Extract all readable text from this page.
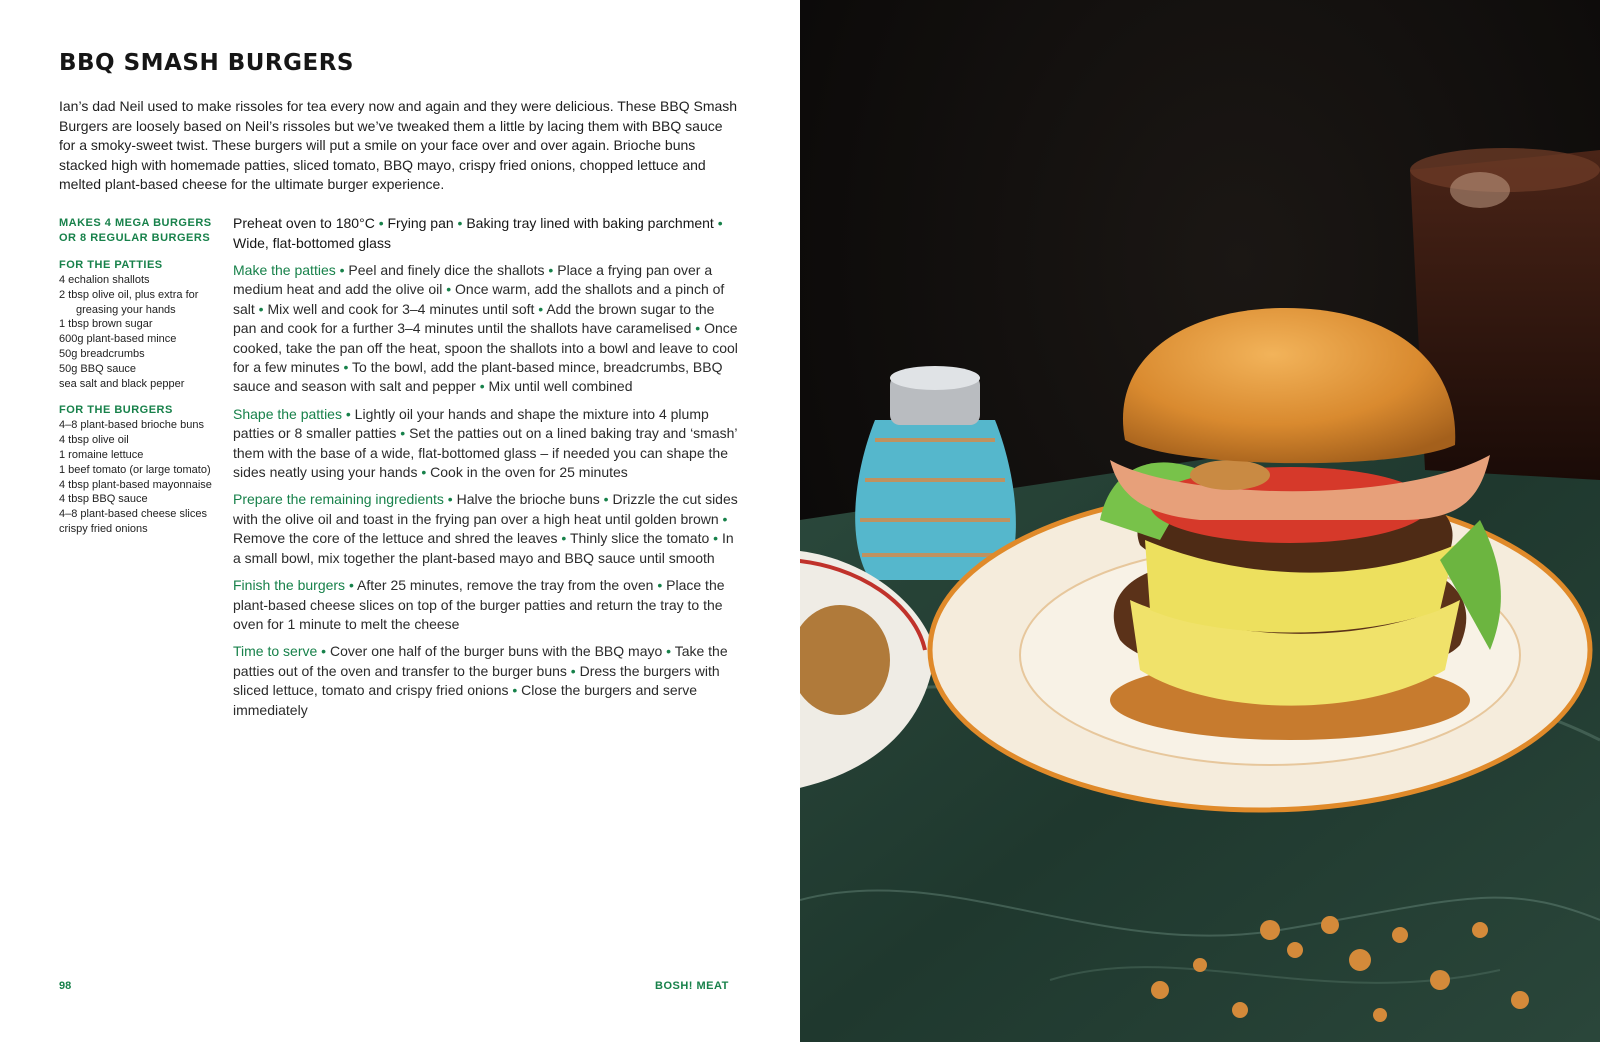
BBQ SMASH BURGERS

Ian’s dad Neil used to make rissoles for tea every now and again and they were delicious. These BBQ Smash Burgers are loosely based on Neil’s rissoles but we’ve tweaked them a little by lacing them with BBQ sauce for a smoky-sweet twist. These burgers will put a smile on your face over and over again. Brioche buns stacked high with homemade patties, sliced tomato, BBQ mayo, crispy fried onions, chopped lettuce and melted plant-based cheese for the ultimate burger experience.

MAKES 4 MEGA BURGERS OR 8 REGULAR BURGERS
FOR THE PATTIES
4 echalion shallots
2 tbsp olive oil, plus extra for greasing your hands
1 tbsp brown sugar
600g plant-based mince
50g breadcrumbs
50g BBQ sauce
sea salt and black pepper
FOR THE BURGERS
4–8 plant-based brioche buns
4 tbsp olive oil
1 romaine lettuce
1 beef tomato (or large tomato)
4 tbsp plant-based mayonnaise
4 tbsp BBQ sauce
4–8 plant-based cheese slices
crispy fried onions

Preheat oven to 180°C • Frying pan • Baking tray lined with baking parchment • Wide, flat-bottomed glass

Make the patties • Peel and finely dice the shallots • Place a frying pan over a medium heat and add the olive oil • Once warm, add the shallots and a pinch of salt • Mix well and cook for 3–4 minutes until soft • Add the brown sugar to the pan and cook for a further 3–4 minutes until the shallots have caramelised • Once cooked, take the pan off the heat, spoon the shallots into a bowl and leave to cool for a few minutes • To the bowl, add the plant-based mince, breadcrumbs, BBQ sauce and season with salt and pepper • Mix until well combined

Shape the patties • Lightly oil your hands and shape the mixture into 4 plump patties or 8 smaller patties • Set the patties out on a lined baking tray and ‘smash’ them with the base of a wide, flat-bottomed glass – if needed you can shape the sides neatly using your hands • Cook in the oven for 25 minutes

Prepare the remaining ingredients • Halve the brioche buns • Drizzle the cut sides with the olive oil and toast in the frying pan over a high heat until golden brown • Remove the core of the lettuce and shred the leaves • Thinly slice the tomato • In a small bowl, mix together the plant-based mayo and BBQ sauce until smooth

Finish the burgers • After 25 minutes, remove the tray from the oven • Place the plant-based cheese slices on top of the burger patties and return the tray to the oven for 1 minute to melt the cheese

Time to serve • Cover one half of the burger buns with the BBQ mayo • Take the patties out of the oven and transfer to the burger buns • Dress the burgers with sliced lettuce, tomato and crispy fried onions • Close the burgers and serve immediately

98	BOSH! MEAT
